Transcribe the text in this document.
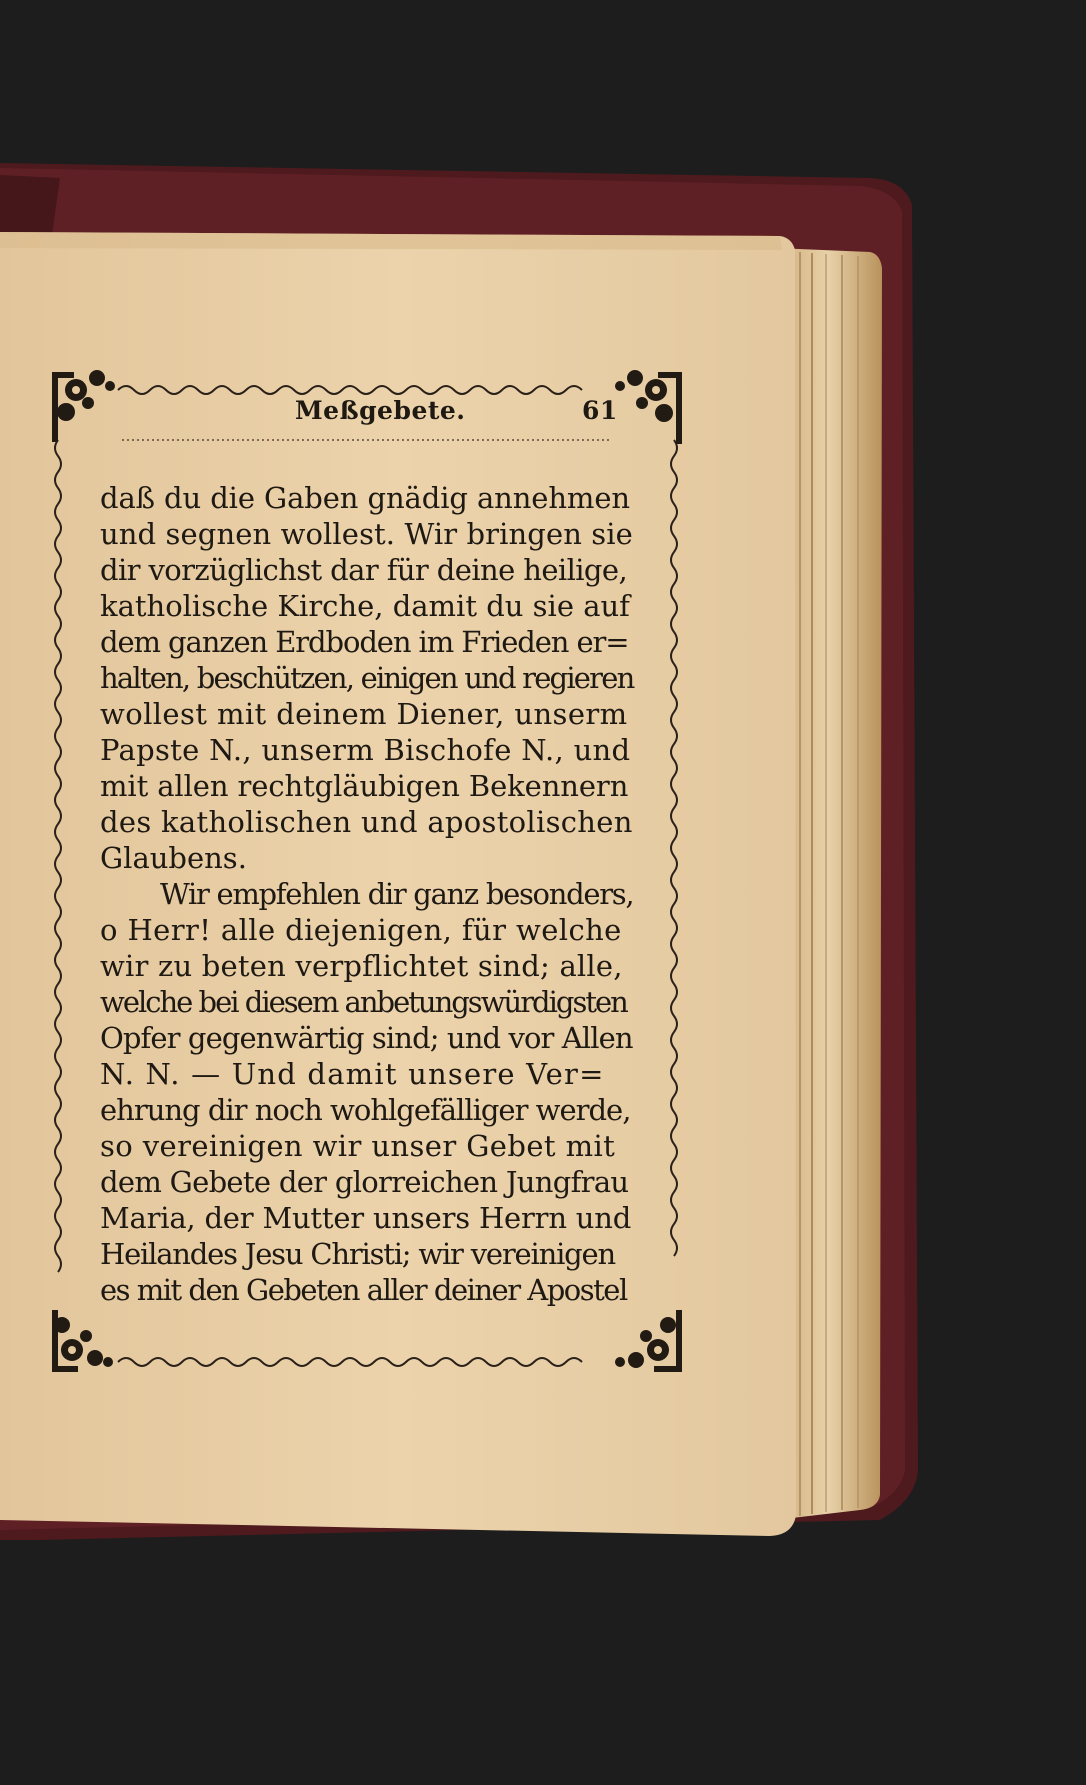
Meßgebete.	61
daß du die Gaben gnädig annehmen
und segnen wollest. Wir bringen sie
dir vorzüglichst dar für deine heilige,
katholische Kirche, damit du sie auf
dem ganzen Erdboden im Frieden er=
halten, beschützen, einigen und regieren
wollest mit deinem Diener, unserm
Papste N., unserm Bischofe N., und
mit allen rechtgläubigen Bekennern
des katholischen und apostolischen
Glaubens.
Wir empfehlen dir ganz besonders,
o Herr! alle diejenigen, für welche
wir zu beten verpflichtet sind; alle,
welche bei diesem anbetungswürdigsten
Opfer gegenwärtig sind; und vor Allen
N. N. — Und damit unsere Ver=
ehrung dir noch wohlgefälliger werde,
so vereinigen wir unser Gebet mit
dem Gebete der glorreichen Jungfrau
Maria, der Mutter unsers Herrn und
Heilandes Jesu Christi; wir vereinigen
es mit den Gebeten aller deiner Apostel
